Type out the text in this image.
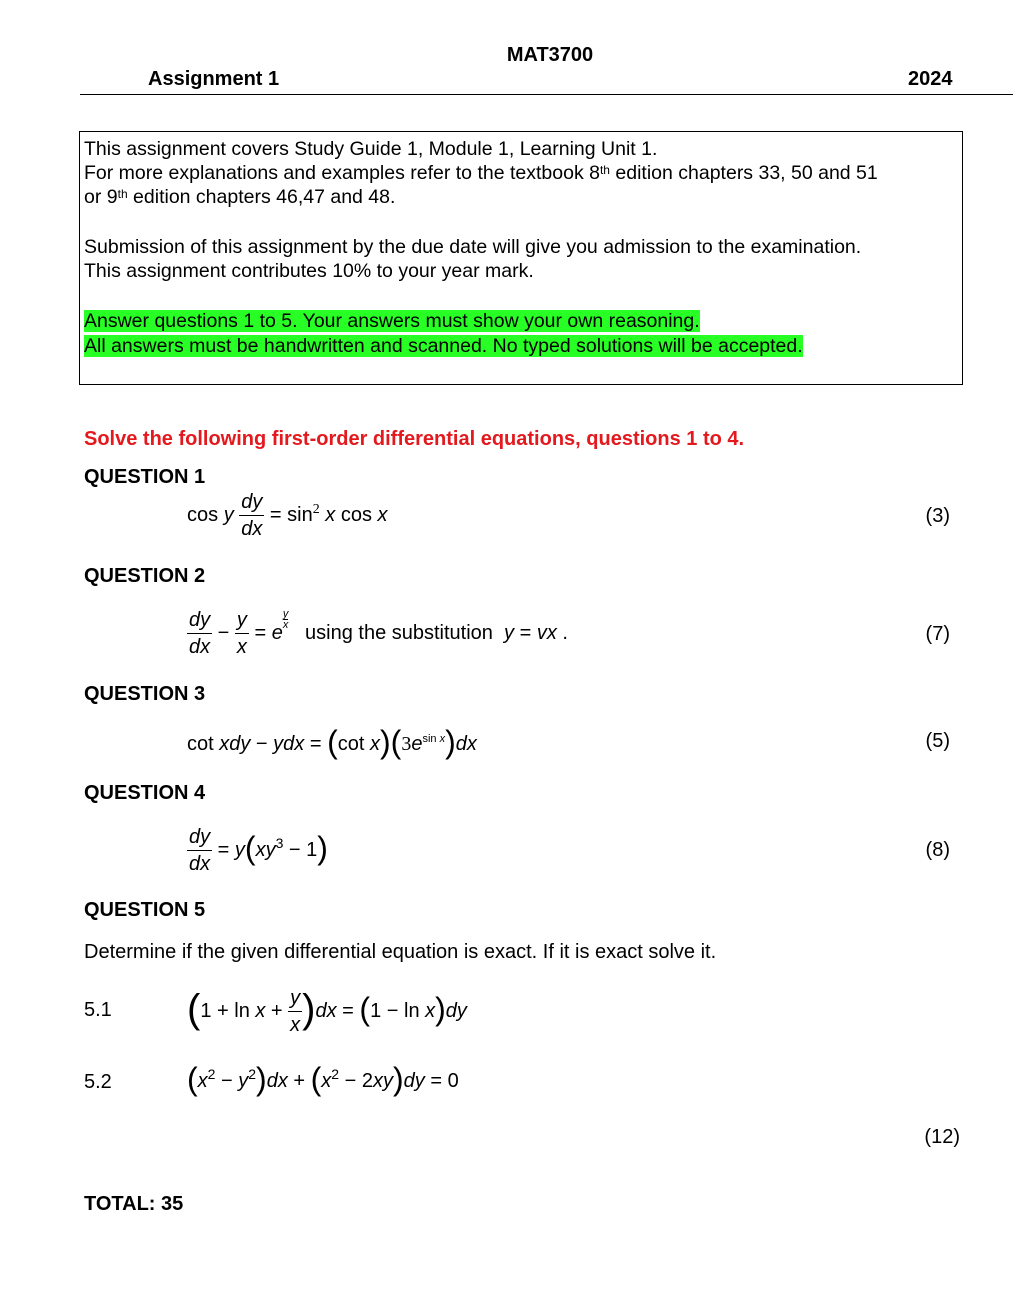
MAT3700
Assignment 1	2024
This assignment covers Study Guide 1, Module 1, Learning Unit 1.
For more explanations and examples refer to the textbook 8th edition chapters 33, 50 and 51
or 9th edition chapters 46,47 and 48.
Submission of this assignment by the due date will give you admission to the examination.
This assignment contributes 10% to your year mark.
Answer questions 1 to 5. Your answers must show your own reasoning.
All answers must be handwritten and scanned. No typed solutions will be accepted.
Solve the following first-order differential equations, questions 1 to 4.
QUESTION 1
cos y $\frac{dy}{dx} = \sin^2 x$ cos x	(3)
QUESTION 2
$\frac{dy}{dx} - \frac{y}{x} = e$
$\frac{y}{x}$
using the substitution y = vx .	(7)
QUESTION 3
cot xdy − ydx = (cot $x)(3e^{sin x})dx$	(5)
QUESTION 4
$\frac{dy}{dx} = y(xy^3 - 1)$	(8)
QUESTION 5
Determine if the given differential equation is exact. If it is exact solve it.
5.1 $(1 + \ln x + \frac{y}{x} )dx = (1 - \ln x)dy$
5.2 $(x^2 - y^2)dx + (x^2 - 2xy)dy = 0$
(12)
TOTAL: 35
